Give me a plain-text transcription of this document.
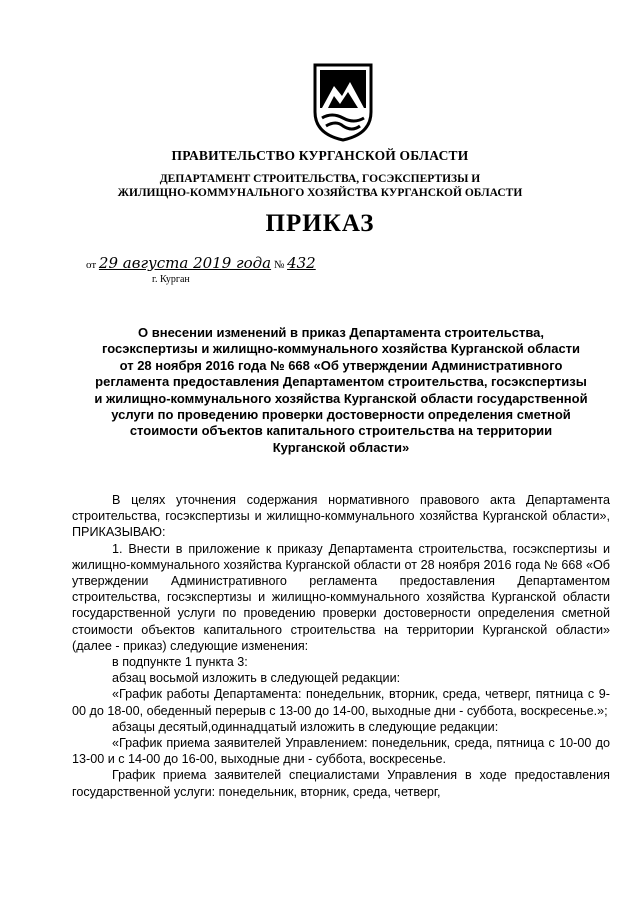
ПРАВИТЕЛЬСТВО КУРГАНСКОЙ ОБЛАСТИ
ДЕПАРТАМЕНТ СТРОИТЕЛЬСТВА, ГОСЭКСПЕРТИЗЫ И
ЖИЛИЩНО-КОММУНАЛЬНОГО ХОЗЯЙСТВА КУРГАНСКОЙ ОБЛАСТИ
ПРИКАЗ
от 29 августа 2019 года № 432
г. Курган
О внесении изменений в приказ Департамента строительства,
госэкспертизы и жилищно-коммунального хозяйства Курганской области
от 28 ноября 2016 года № 668 «Об утверждении Административного
регламента предоставления Департаментом строительства, госэкспертизы
и жилищно-коммунального хозяйства Курганской области государственной
услуги по проведению проверки достоверности определения сметной
стоимости объектов капитального строительства на территории
Курганской области»

В целях уточнения содержания нормативного правового акта Департамента строительства, госэкспертизы и жилищно-коммунального хозяйства Курганской области», ПРИКАЗЫВАЮ:

1. Внести в приложение к приказу Департамента строительства, госэкспертизы и жилищно-коммунального хозяйства Курганской области от 28 ноября 2016 года № 668 «Об утверждении Административного регламента предоставления Департаментом строительства, госэкспертизы и жилищно-коммунального хозяйства Курганской области государственной услуги по проведению проверки достоверности определения сметной стоимости объектов капитального строительства на территории Курганской области» (далее - приказ) следующие изменения:

в подпункте 1 пункта 3:

абзац восьмой изложить в следующей редакции:

«График работы Департамента: понедельник, вторник, среда, четверг, пятница с 9-00 до 18-00, обеденный перерыв с 13-00 до 14-00, выходные дни - суббота, воскресенье.»;

абзацы десятый,одиннадцатый изложить в следующие редакции:

«График приема заявителей Управлением: понедельник, среда, пятница с 10-00 до 13-00 и с 14-00 до 16-00, выходные дни - суббота, воскресенье.

График приема заявителей специалистами Управления в ходе предоставления государственной услуги: понедельник, вторник, среда, четверг,
